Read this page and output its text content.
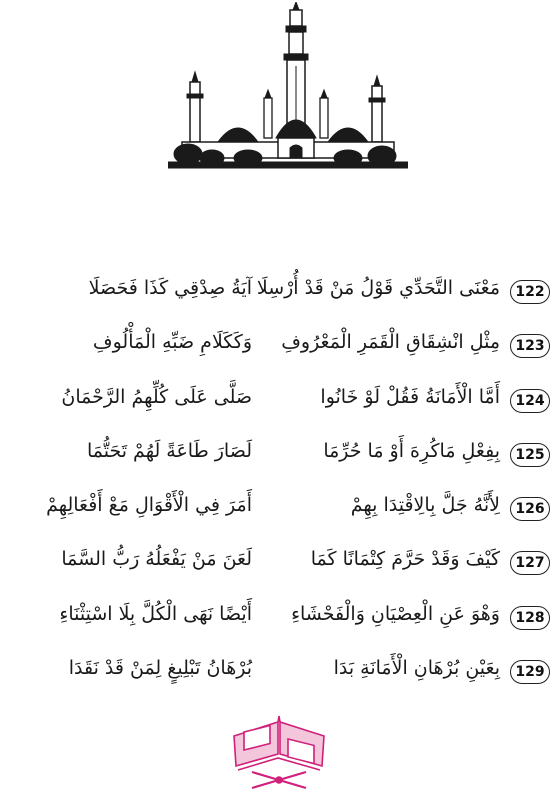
122
مَعْنَى التَّحَدِّي قَوْلُ مَنْ قَدْ أُرْسِلَا
آيَةُ صِدْقِي كَذَا فَحَصَلَا
123
مِثْلِ انْشِقَاقِ الْقَمَرِ الْمَعْرُوفِ
وَكَكَلَامِ ضَبِّهِ الْمَأْلُوفِ
124
أَمَّا الْأَمَانَةُ فَقُلْ لَوْ خَانُوا
صَلَّى عَلَى كُلِّهِمُ الرَّحْمَانُ
125
بِفِعْلِ مَاكُرِهَ أَوْ مَا حُرِّمَا
لَصَارَ طَاعَةً لَهُمْ تَحَتُّمَا
126
لِأَنَّهُ جَلَّ بِالِاقْتِدَا بِهِمْ
أَمَرَ فِي الْأَقْوَالِ مَعْ أَفْعَالِهِمْ
127
كَيْفَ وَقَدْ حَرَّمَ كِتْمَانًا كَمَا
لَعَنَ مَنْ يَفْعَلُهُ رَبُّ السَّمَا
128
وَهْوَ عَنِ الْعِصْيَانِ وَالْفَحْشَاءِ
أَيْضًا نَهَى الْكُلَّ بِلَا اسْتِثْنَاءِ
129
بِعَيْنِ بُرْهَانِ الْأَمَانَةِ بَدَا
بُرْهَانُ تَبْلِيغٍ لِمَنْ قَدْ نَقَدَا
